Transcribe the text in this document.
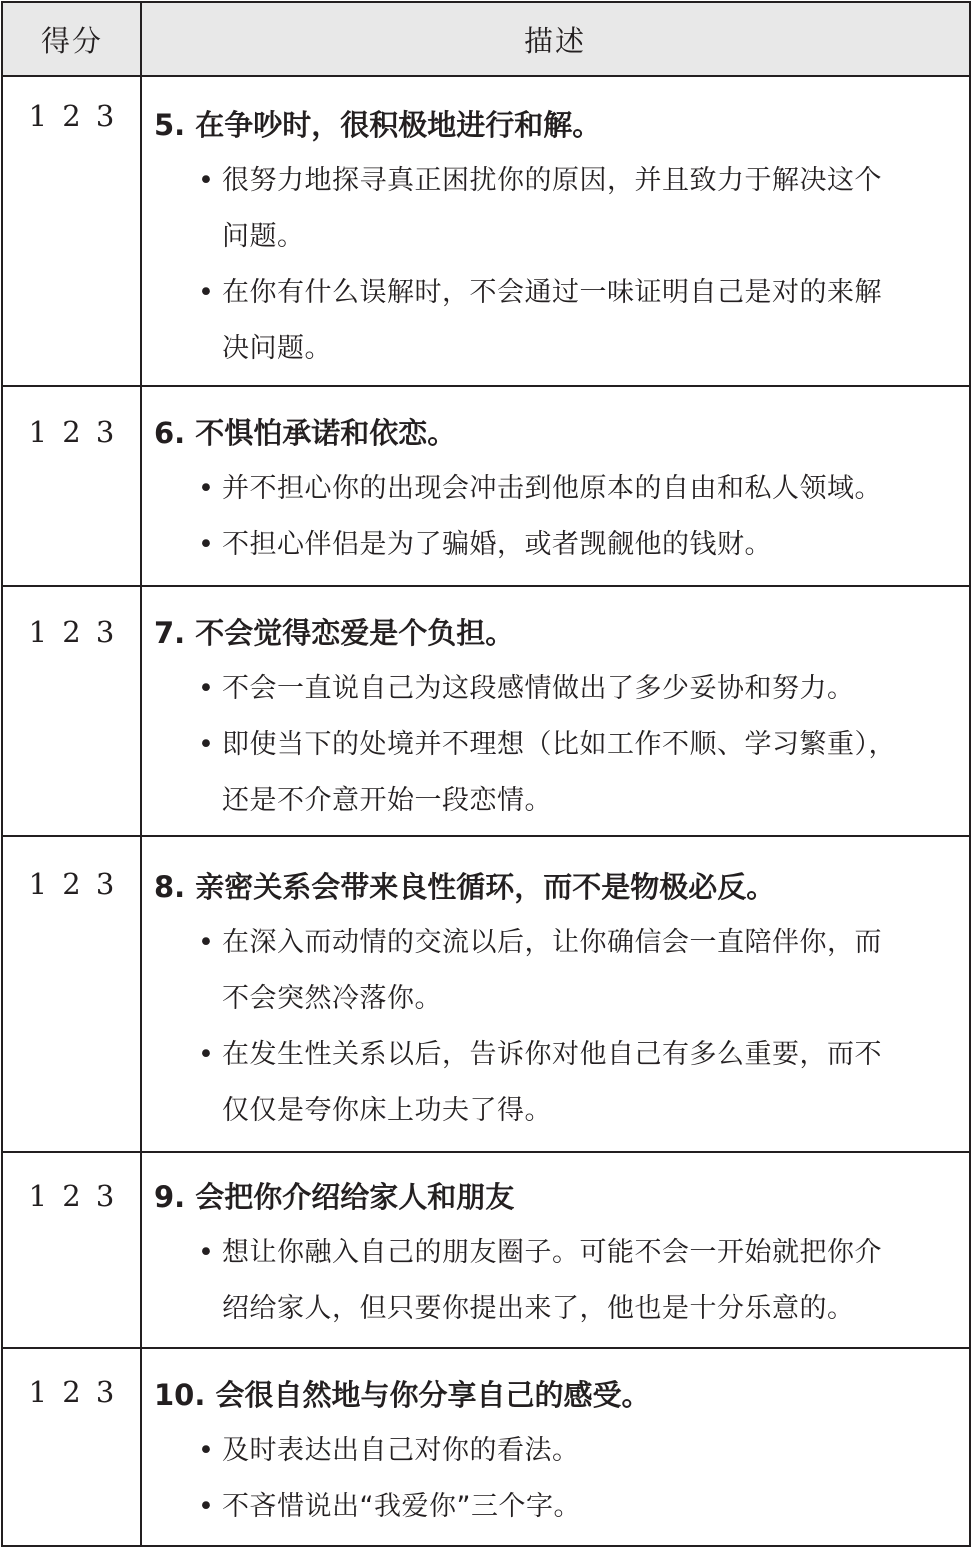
得分	描述
1 2 3	5. 在争吵时，很积极地进行和解。
• 很努力地探寻真正困扰你的原因，并且致力于解决这个
问题。
• 在你有什么误解时，不会通过一味证明自己是对的来解
决问题。
1 2 3	6. 不惧怕承诺和依恋。
• 并不担心你的出现会冲击到他原本的自由和私人领域。
• 不担心伴侣是为了骗婚，或者觊觎他的钱财。
1 2 3	7. 不会觉得恋爱是个负担。
• 不会一直说自己为这段感情做出了多少妥协和努力。
• 即使当下的处境并不理想（比如工作不顺、学习繁重），
还是不介意开始一段恋情。
1 2 3	8. 亲密关系会带来良性循环，而不是物极必反。
• 在深入而动情的交流以后，让你确信会一直陪伴你，而
不会突然冷落你。
• 在发生性关系以后，告诉你对他自己有多么重要，而不
仅仅是夸你床上功夫了得。
1 2 3	9. 会把你介绍给家人和朋友
• 想让你融入自己的朋友圈子。可能不会一开始就把你介
绍给家人，但只要你提出来了，他也是十分乐意的。
1 2 3	10. 会很自然地与你分享自己的感受。
• 及时表达出自己对你的看法。
• 不吝惜说出“我爱你”三个字。
